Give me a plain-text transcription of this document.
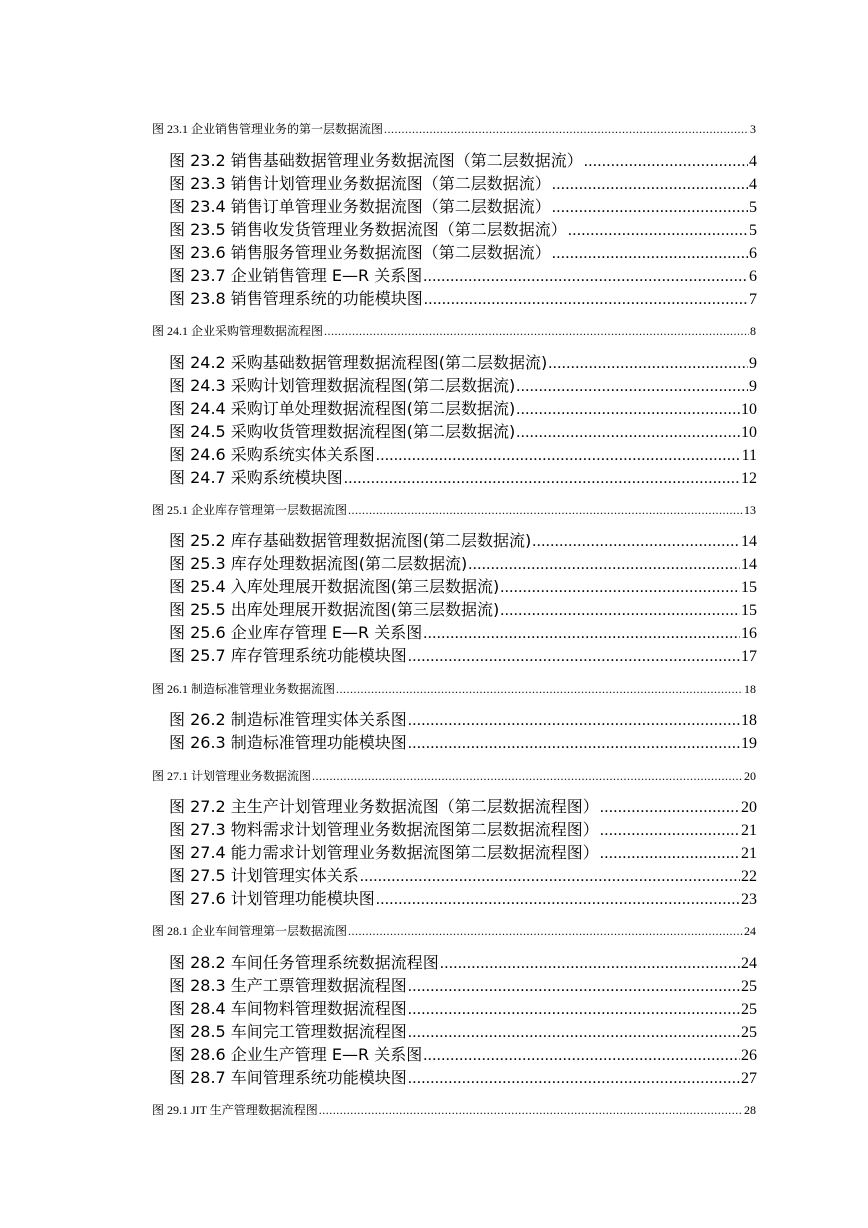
图 23.1 企业销售管理业务的第一层数据流图 .....	3
图 23.2 销售基础数据管理业务数据流图（第二层数据流） .....	4
图 23.3 销售计划管理业务数据流图（第二层数据流） .....	4
图 23.4 销售订单管理业务数据流图（第二层数据流） .....	5
图 23.5 销售收发货管理业务数据流图（第二层数据流） .....	5
图 23.6 销售服务管理业务数据流图（第二层数据流） .....	6
图 23.7 企业销售管理 E—R 关系图 .....	6
图 23.8 销售管理系统的功能模块图 .....	7
图 24.1 企业采购管理数据流程图 .....	8
图 24.2 采购基础数据管理数据流程图(第二层数据流) .....	9
图 24.3 采购计划管理数据流程图(第二层数据流) .....	9
图 24.4 采购订单处理数据流程图(第二层数据流) .....	10
图 24.5 采购收货管理数据流程图(第二层数据流) .....	10
图 24.6 采购系统实体关系图 .....	11
图 24.7 采购系统模块图 .....	12
图 25.1 企业库存管理第一层数据流图 .....	13
图 25.2 库存基础数据管理数据流图(第二层数据流) .....	14
图 25.3 库存处理数据流图(第二层数据流) .....	14
图 25.4 入库处理展开数据流图(第三层数据流) .....	15
图 25.5 出库处理展开数据流图(第三层数据流) .....	15
图 25.6 企业库存管理 E—R 关系图 .....	16
图 25.7 库存管理系统功能模块图 .....	17
图 26.1 制造标准管理业务数据流图 .....	18
图 26.2 制造标准管理实体关系图 .....	18
图 26.3 制造标准管理功能模块图 .....	19
图 27.1 计划管理业务数据流图 .....	20
图 27.2 主生产计划管理业务数据流图（第二层数据流程图） .....	20
图 27.3 物料需求计划管理业务数据流图第二层数据流程图） .....	21
图 27.4 能力需求计划管理业务数据流图第二层数据流程图） .....	21
图 27.5 计划管理实体关系 .....	22
图 27.6 计划管理功能模块图 .....	23
图 28.1 企业车间管理第一层数据流图 .....	24
图 28.2 车间任务管理系统数据流程图 .....	24
图 28.3 生产工票管理数据流程图 .....	25
图 28.4 车间物料管理数据流程图 .....	25
图 28.5 车间完工管理数据流程图 .....	25
图 28.6 企业生产管理 E—R 关系图 .....	26
图 28.7 车间管理系统功能模块图 .....	27
图 29.1 JIT 生产管理数据流程图 .....	28
